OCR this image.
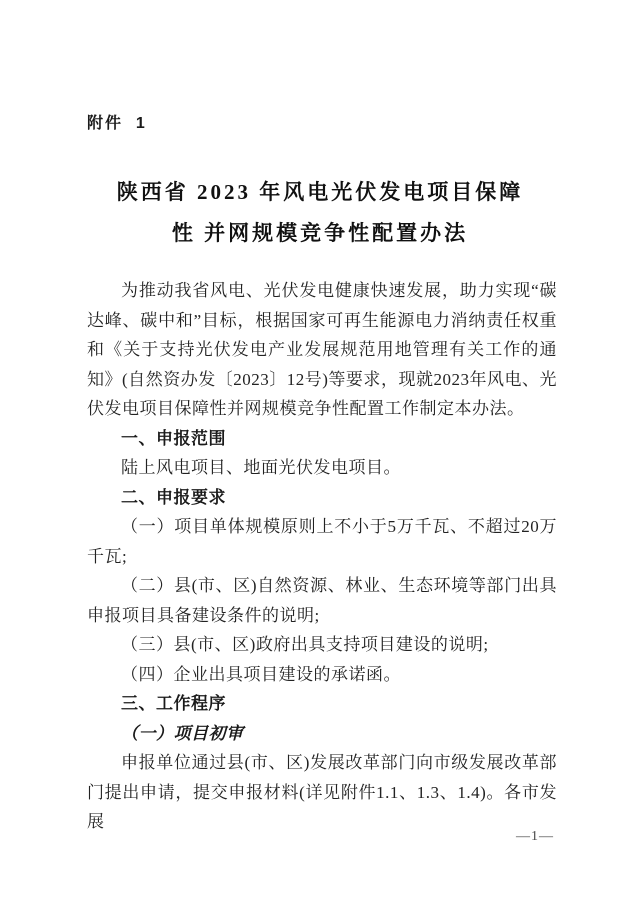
附件  1
陕西省 2023 年风电光伏发电项目保障
性 并网规模竞争性配置办法

为推动我省风电、光伏发电健康快速发展，助力实现“碳达峰、碳中和”目标，根据国家可再生能源电力消纳责任权重和《关于支持光伏发电产业发展规范用地管理有关工作的通知》(自然资办发〔2023〕12号)等要求，现就2023年风电、光伏发电项目保障性并网规模竞争性配置工作制定本办法。

一、申报范围

陆上风电项目、地面光伏发电项目。

二、申报要求

（一）项目单体规模原则上不小于5万千瓦、不超过20万千瓦;

（二）县(市、区)自然资源、林业、生态环境等部门出具申报项目具备建设条件的说明;

（三）县(市、区)政府出具支持项目建设的说明;

（四）企业出具项目建设的承诺函。

三、工作程序

（一）项目初审

申报单位通过县(市、区)发展改革部门向市级发展改革部门提出申请，提交申报材料(详见附件1.1、1.3、1.4)。各市发展

—1—
